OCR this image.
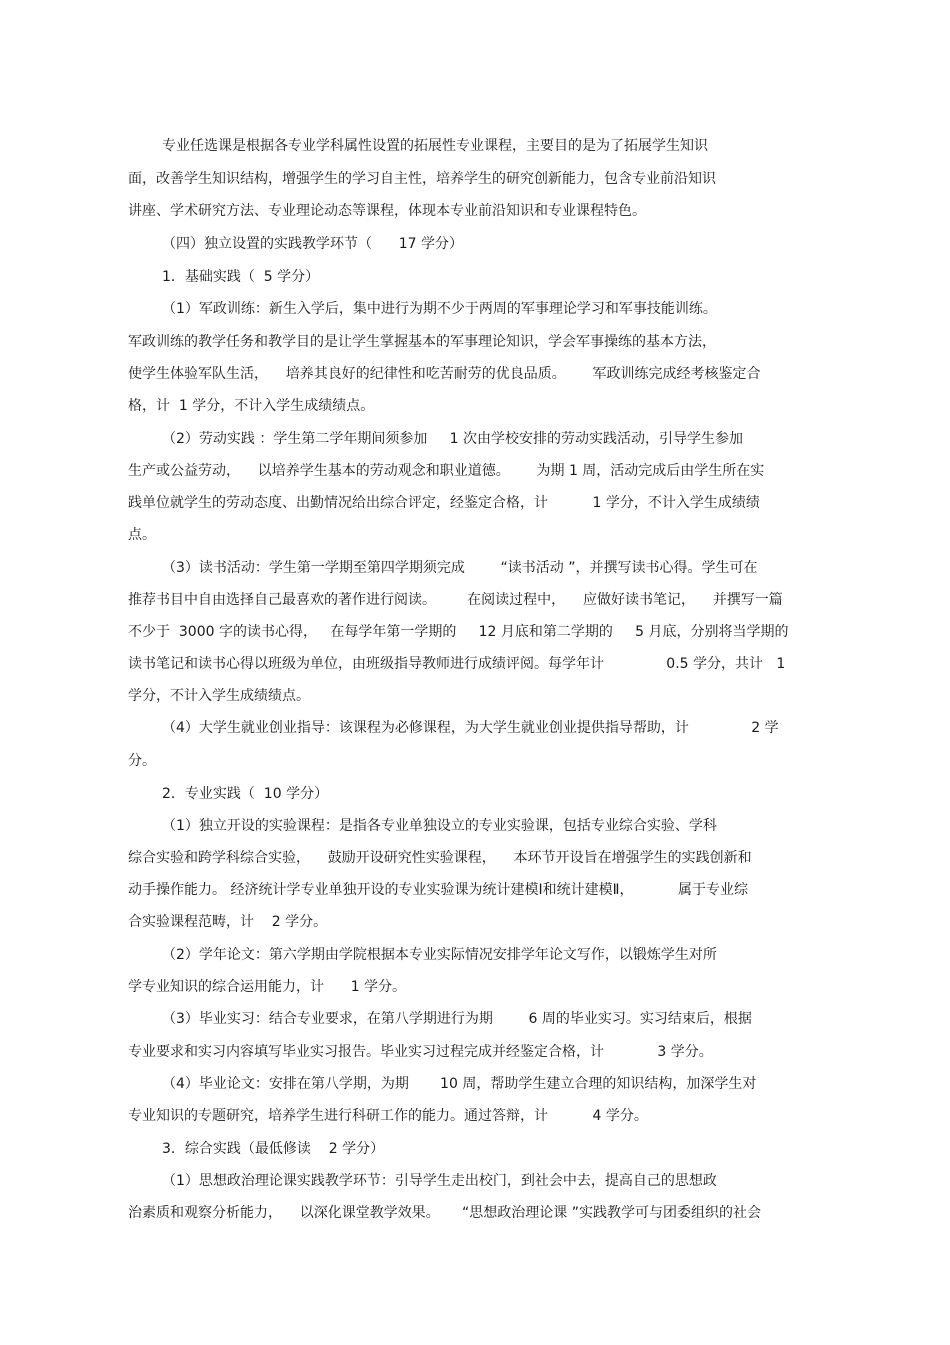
专业任选课是根据各专业学科属性设置的拓展性专业课程，主要目的是为了拓展学生知识
面，改善学生知识结构，增强学生的学习自主性，培养学生的研究创新能力，包含专业前沿知识
讲座、学术研究方法、专业理论动态等课程，体现本专业前沿知识和专业课程特色。
（四）独立设置的实践教学环节（      17 学分）
1．基础实践（  5 学分）
（1）军政训练：新生入学后，集中进行为期不少于两周的军事理论学习和军事技能训练。
军政训练的教学任务和教学目的是让学生掌握基本的军事理论知识，学会军事操练的基本方法，
使学生体验军队生活，    培养其良好的纪律性和吃苦耐劳的优良品质。      军政训练完成经考核鉴定合
格，计  1 学分，不计入学生成绩绩点。
（2）劳动实践 ：学生第二学年期间须参加     1 次由学校安排的劳动实践活动，引导学生参加
生产或公益劳动，    以培养学生基本的劳动观念和职业道德。      为期 1 周，活动完成后由学生所在实
践单位就学生的劳动态度、出勤情况给出综合评定，经鉴定合格，计          1 学分，不计入学生成绩绩
点。
（3）读书活动：学生第一学期至第四学期须完成        “读书活动 ”，并撰写读书心得。学生可在
推荐书目中自由选择自己最喜欢的著作进行阅读。       在阅读过程中，    应做好读书笔记，    并撰写一篇
不少于  3000 字的读书心得，   在每学年第一学期的     12 月底和第二学期的     5 月底，分别将当学期的
读书笔记和读书心得以班级为单位，由班级指导教师进行成绩评阅。每学年计              0.5 学分，共计   1
学分，不计入学生成绩绩点。
（4）大学生就业创业指导：该课程为必修课程，为大学生就业创业提供指导帮助，计              2 学
分。
2．专业实践（  10 学分）
（1）独立开设的实验课程：是指各专业单独设立的专业实验课，包括专业综合实验、学科
综合实验和跨学科综合实验，    鼓励开设研究性实验课程，    本环节开设旨在增强学生的实践创新和
动手操作能力。 经济统计学专业单独开设的专业实验课为统计建模Ⅰ和统计建模Ⅱ，          属于专业综
合实验课程范畴，计    2 学分。
（2）学年论文：第六学期由学院根据本专业实际情况安排学年论文写作，以锻炼学生对所
学专业知识的综合运用能力，计      1 学分。
（3）毕业实习：结合专业要求，在第八学期进行为期        6 周的毕业实习。实习结束后，根据
专业要求和实习内容填写毕业实习报告。毕业实习过程完成并经鉴定合格，计            3 学分。
（4）毕业论文：安排在第八学期，为期       10 周，帮助学生建立合理的知识结构，加深学生对
专业知识的专题研究，培养学生进行科研工作的能力。通过答辩，计          4 学分。
3．综合实践（最低修读    2 学分）
（1）思想政治理论课实践教学环节：引导学生走出校门，到社会中去，提高自己的思想政
治素质和观察分析能力，    以深化课堂教学效果。     “思想政治理论课 ”实践教学可与团委组织的社会
